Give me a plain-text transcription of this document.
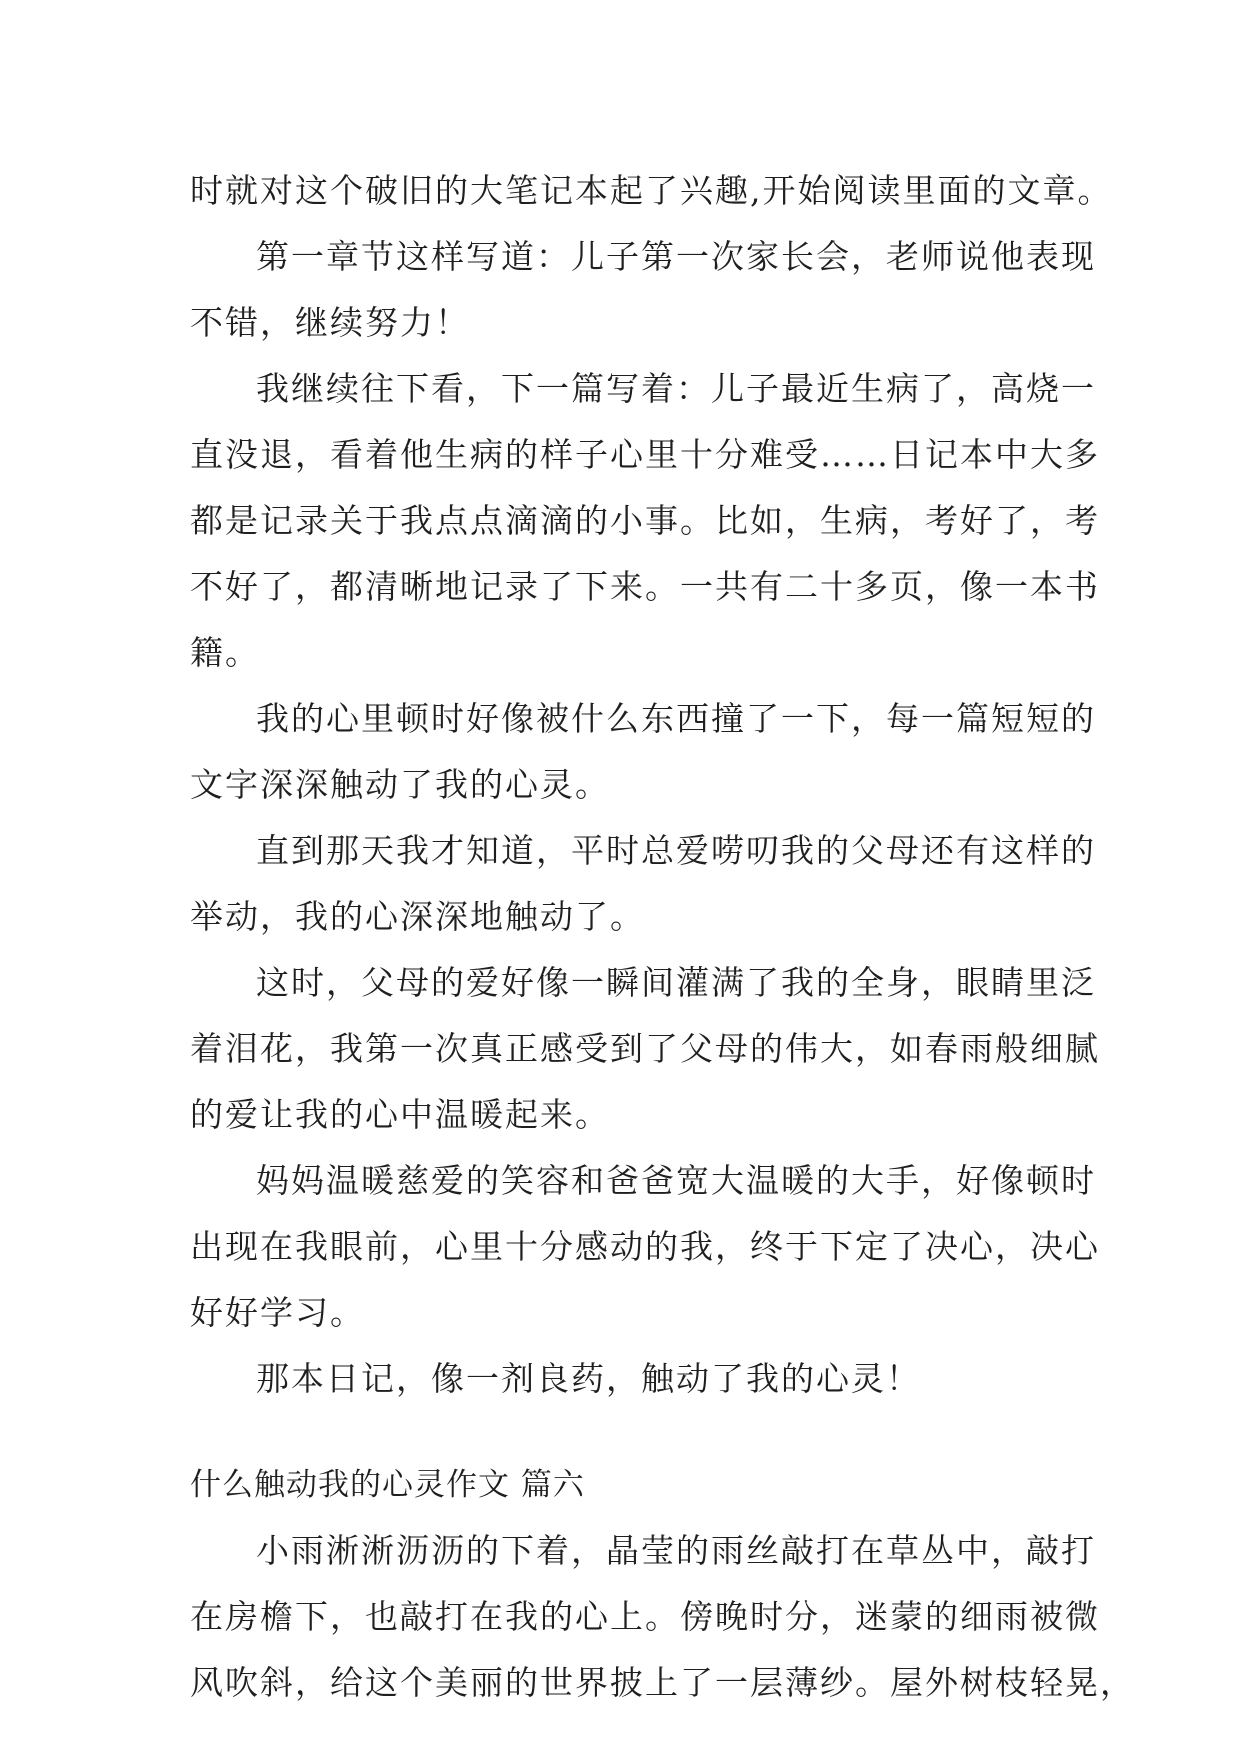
时就对这个破旧的大笔记本起了兴趣,开始阅读里面的文章。
第一章节这样写道：儿子第一次家长会，老师说他表现
不错，继续努力！
我继续往下看，下一篇写着：儿子最近生病了，高烧一
直没退，看着他生病的样子心里十分难受……日记本中大多
都是记录关于我点点滴滴的小事。比如，生病，考好了，考
不好了，都清晰地记录了下来。一共有二十多页，像一本书
籍。
我的心里顿时好像被什么东西撞了一下，每一篇短短的
文字深深触动了我的心灵。
直到那天我才知道，平时总爱唠叨我的父母还有这样的
举动，我的心深深地触动了。
这时，父母的爱好像一瞬间灌满了我的全身，眼睛里泛
着泪花，我第一次真正感受到了父母的伟大，如春雨般细腻
的爱让我的心中温暖起来。
妈妈温暖慈爱的笑容和爸爸宽大温暖的大手，好像顿时
出现在我眼前，心里十分感动的我，终于下定了决心，决心
好好学习。
那本日记，像一剂良药，触动了我的心灵！
什么触动我的心灵作文 篇六
小雨淅淅沥沥的下着，晶莹的雨丝敲打在草丛中，敲打
在房檐下，也敲打在我的心上。傍晚时分，迷蒙的细雨被微
风吹斜，给这个美丽的世界披上了一层薄纱。屋外树枝轻晃，
